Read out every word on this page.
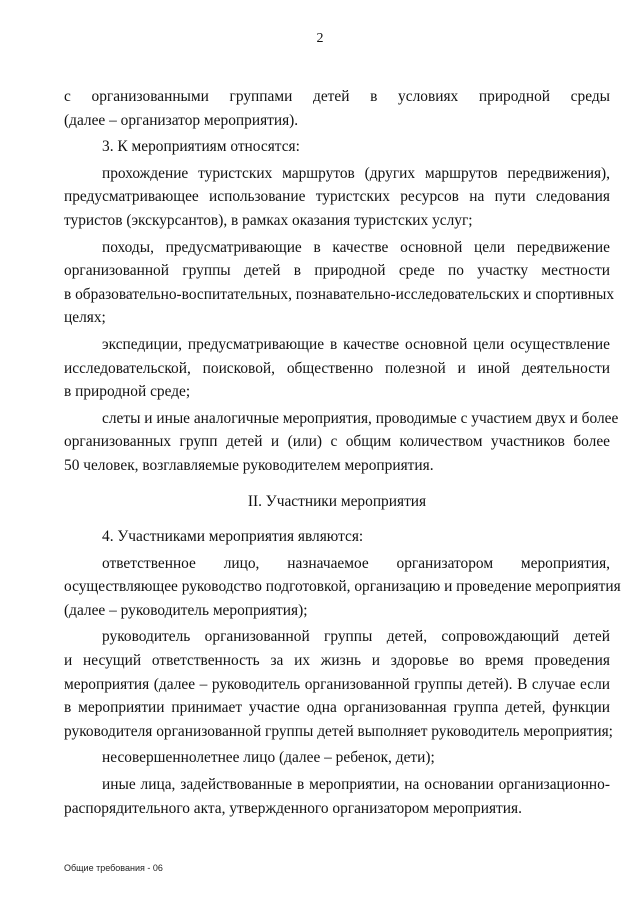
2
с организованными группами детей в условиях природной среды
(далее – организатор мероприятия).
3. К мероприятиям относятся:
прохождение туристских маршрутов (других маршрутов передвижения),
предусматривающее использование туристских ресурсов на пути следования
туристов (экскурсантов), в рамках оказания туристских услуг;
походы, предусматривающие в качестве основной цели передвижение
организованной группы детей в природной среде по участку местности
в образовательно-воспитательных, познавательно-исследовательских и спортивных
целях;
экспедиции, предусматривающие в качестве основной цели осуществление
исследовательской, поисковой, общественно полезной и иной деятельности
в природной среде;
слеты и иные аналогичные мероприятия, проводимые с участием двух и более
организованных групп детей и (или) с общим количеством участников более
50 человек, возглавляемые руководителем мероприятия.
II. Участники мероприятия
4. Участниками мероприятия являются:
ответственное лицо, назначаемое организатором мероприятия,
осуществляющее руководство подготовкой, организацию и проведение мероприятия
(далее – руководитель мероприятия);
руководитель организованной группы детей, сопровождающий детей
и несущий ответственность за их жизнь и здоровье во время проведения
мероприятия (далее – руководитель организованной группы детей). В случае если
в мероприятии принимает участие одна организованная группа детей, функции
руководителя организованной группы детей выполняет руководитель мероприятия;
несовершеннолетнее лицо (далее – ребенок, дети);
иные лица, задействованные в мероприятии, на основании организационно-
распорядительного акта, утвержденного организатором мероприятия.
Общие требования - 06
